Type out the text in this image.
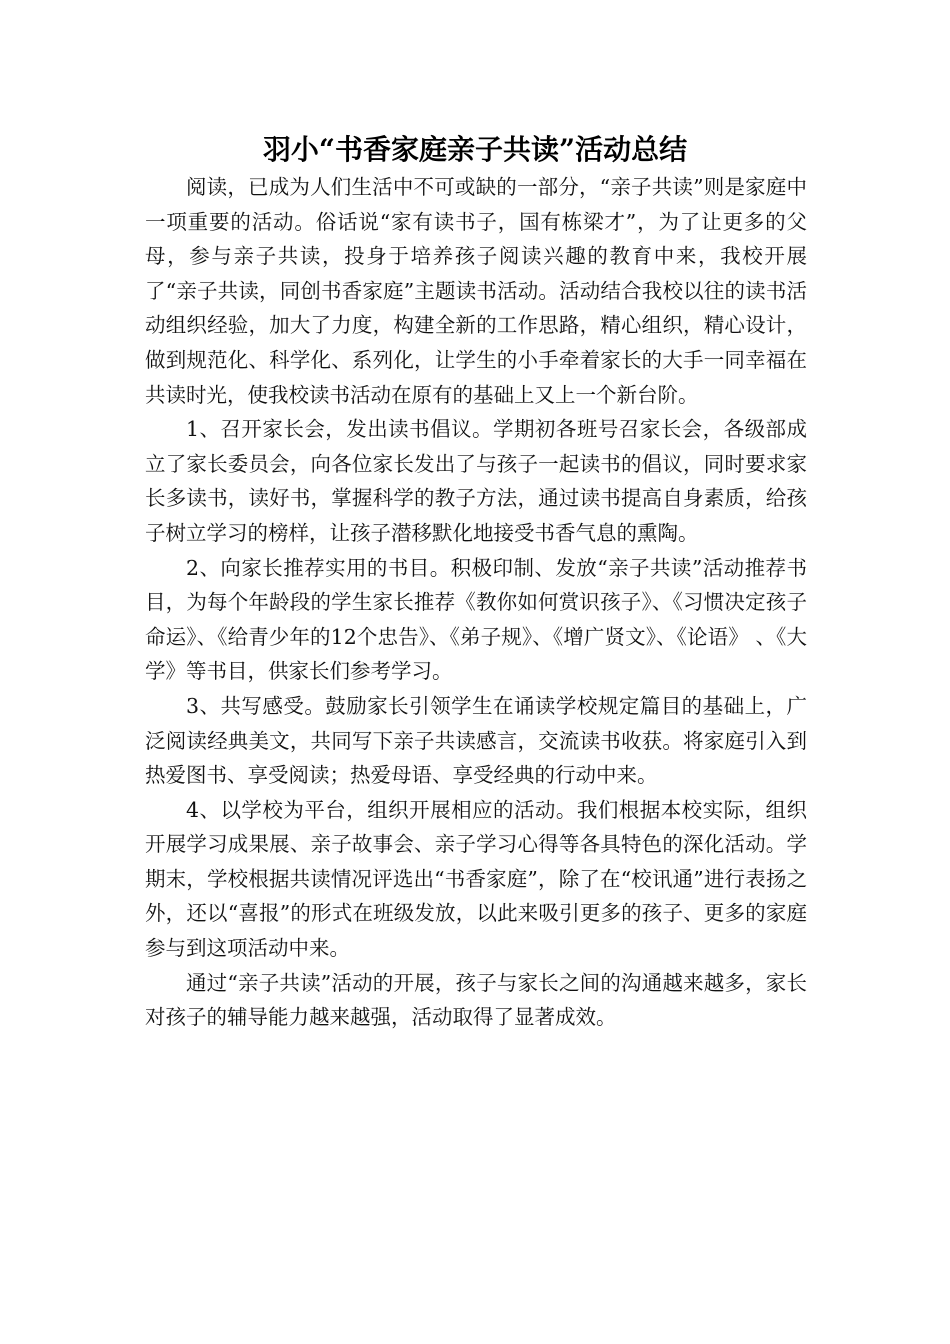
羽小“书香家庭亲子共读”活动总结

阅读，已成为人们生活中不可或缺的一部分，“亲子共读”则是家庭中一项重要的活动。俗话说“家有读书子，国有栋梁才”，为了让更多的父母，参与亲子共读，投身于培养孩子阅读兴趣的教育中来，我校开展了“亲子共读，同创书香家庭”主题读书活动。活动结合我校以往的读书活动组织经验，加大了力度，构建全新的工作思路，精心组织，精心设计，做到规范化、科学化、系列化，让学生的小手牵着家长的大手一同幸福在共读时光，使我校读书活动在原有的基础上又上一个新台阶。

1、召开家长会，发出读书倡议。学期初各班号召家长会，各级部成立了家长委员会，向各位家长发出了与孩子一起读书的倡议，同时要求家长多读书，读好书，掌握科学的教子方法，通过读书提高自身素质，给孩子树立学习的榜样，让孩子潜移默化地接受书香气息的熏陶。

2、向家长推荐实用的书目。积极印制、发放“亲子共读”活动推荐书目，为每个年龄段的学生家长推荐《教你如何赏识孩子》、《习惯决定孩子命运》、《给青少年的12个忠告》、《弟子规》、《增广贤文》、《论语》 、《大学》等书目，供家长们参考学习。

3、共写感受。鼓励家长引领学生在诵读学校规定篇目的基础上，广泛阅读经典美文，共同写下亲子共读感言，交流读书收获。将家庭引入到热爱图书、享受阅读；热爱母语、享受经典的行动中来。

4、以学校为平台，组织开展相应的活动。我们根据本校实际，组织开展学习成果展、亲子故事会、亲子学习心得等各具特色的深化活动。学期末，学校根据共读情况评选出“书香家庭”，除了在“校讯通”进行表扬之外，还以“喜报”的形式在班级发放，以此来吸引更多的孩子、更多的家庭参与到这项活动中来。

通过“亲子共读”活动的开展，孩子与家长之间的沟通越来越多，家长对孩子的辅导能力越来越强，活动取得了显著成效。
